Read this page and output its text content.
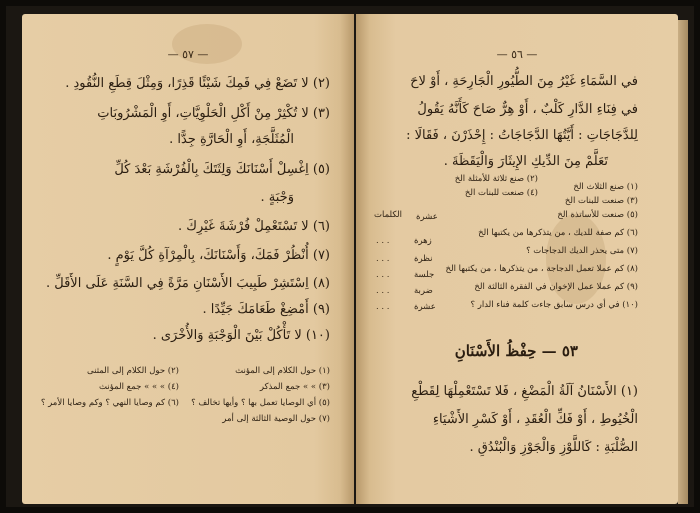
— ٥٧ —
(٢) لا تَضَعْ فِي فَمِكَ شَيْئًا قَذِرًا، وَمِثْلَ قِطَعِ النُّقُودِ .
(٣) لا تُكْثِرْ مِنْ أَكْلِ الْحَلْوِيَّاتِ، أَوِ الْمَشْرُوبَاتِ
الْمُثَلَّجَةِ، أَوِ الْحَارَّةِ جِدًّا .
(٥) اِغْسِلْ أَسْنَانَكَ وَلِثَتَكَ بِالْفُرْشَةِ بَعْدَ كُلِّ
وَجْبَةٍ .
(٦) لا تَسْتَعْمِلْ فُرْشَةَ غَيْرِكَ .
(٧) أُنْظُرْ فَمَكَ، وَأَسْنَانَكَ، بِالْمِرْآةِ كُلَّ يَوْمٍ .
(٨) اِسْتَشِرْ طَبِيبَ الأَسْنَانِ مَرَّةً فِي السَّنَةِ عَلَى الأَقَلِّ .
(٩) أَمْضِغْ طَعَامَكَ جَيِّدًا .
(١٠) لا تَأْكُلْ بَيْنَ الْوَجْبَةِ وَالأُخْرَى .
(١) حول الكلام إلى المؤنث
(٢) حول الكلام إلى المثنى
(٣) » » جمع المذكر
(٤) » » » جمع المؤنث
(٥) أي الوصايا تعمل بها ؟ وأيها تخالف ؟
(٦) كم وصايا النهي ؟ وكم وصايا الأمر ؟
(٧) حول الوصية الثالثة إلى أمر
— ٥٦ —
في السَّمَاءِ غَيْرُ مِنَ الطُّيُورِ الْجَارِحَةِ ، أَوْ لاحَ
في فِنَاءِ الدَّارِ كَلْبٌ ، أَوْ هِرٌّ صَاحَ كَأَنَّهُ يَقُولُ
لِلدَّجَاجَاتِ : أَيَّتُهَا الدَّجَاجَاتُ : إِحْذَرْنَ ، فَقَالَا :
تَعَلَّمْ مِنَ الدِّيكِ الإِيثَارَ وَالْيَقَظَةَ .
(١) صنع الثلاث الخ
(٢) صنع ثلاثة للأمثلة الخ
(٣) صنعت للبنات الخ
(٤) صنعت للبنات الخ
(٥) صنعت للأساتذة الخ
(٦) كم صفة للديك ، من يتذكرها من يكتبها الخ
(٧) متى يحذر الديك الدجاجات ؟
(٨) كم عملا تعمل الدجاجة ، من يتذكرها ، من يكتبها الخ
(٩) كم عملا عمل الإخوان في الفقرة الثالثة الخ
(١٠) في أي درس سابق جاءت كلمة فناء الدار ؟
الكلمات عشرة
زهرة
نظرة
جلسة
ضربة
عشرة
. . .
. . .
. . .
. . .
. . .
٥٣ — حِفْظُ الأَسْنَانِ
(١) الأَسْنَانُ آلَةُ الْمَضْغِ ، فَلا تَسْتَعْمِلْهَا لِقَطْعِ
الْخُيُوطِ ، أَوْ فَكِّ الْعُقَدِ ، أَوْ كَسْرِ الأَشْيَاءِ
الصُّلْبَةِ : كَاللَّوْزِ وَالْجَوْزِ وَالْبُنْدُقِ .
